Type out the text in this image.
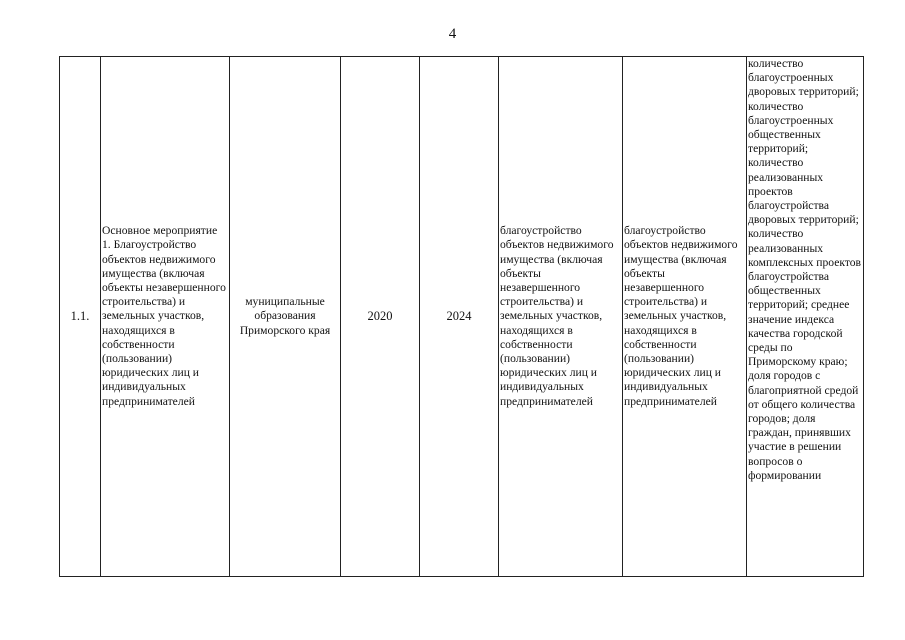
4
1.1.	Основное мероприятие 1. Благоустройство объектов недвижимого имущества (включая объекты незавершенного строительства) и земельных участков, находящихся в собственности (пользовании) юридических лиц и индивидуальных предпринимателей	муниципальные образования Приморского края	2020	2024	благоустройство объектов недвижимого имущества (включая объекты незавершенного строительства) и земельных участков, находящихся в собственности (пользовании) юридических лиц и индивидуальных предпринимателей	благоустройство объектов недвижимого имущества (включая объекты незавершенного строительства) и земельных участков, находящихся в собственности (пользовании) юридических лиц и индивидуальных предпринимателей	количество благоустроенных дворовых территорий; количество благоустроенных общественных территорий; количество реализованных проектов благоустройства дворовых территорий; количество реализованных комплексных проектов благоустройства общественных территорий; среднее значение индекса качества городской среды по Приморскому краю; доля городов с благоприятной средой от общего количества городов; доля граждан, принявших участие в решении вопросов о формировании
